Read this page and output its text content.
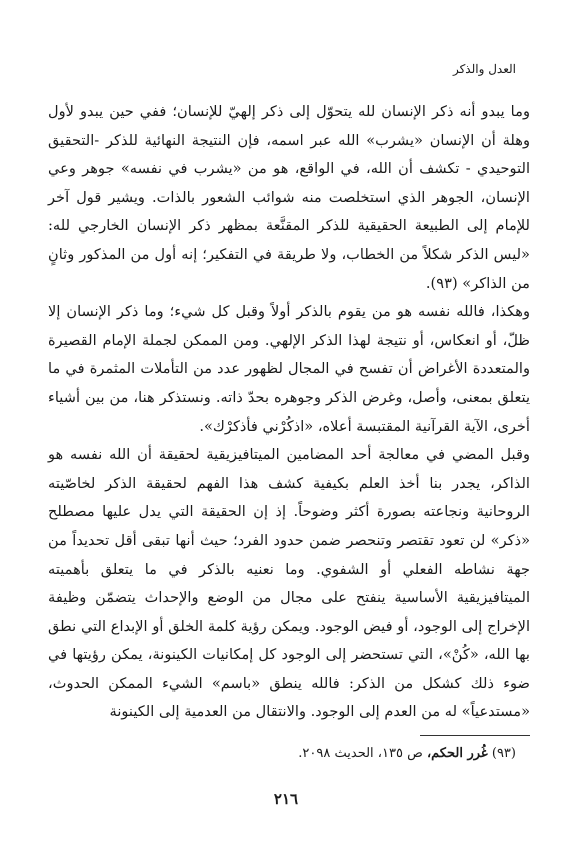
العدل والذكر

وما يبدو أنه ذكر الإنسان لله يتحوّل إلى ذكر إلهيّ للإنسان؛ ففي حين يبدو لأول وهلة أن الإنسان «يشرب» الله عبر اسمه، فإن النتيجة النهائية للذكر -التحقيق التوحيدي - تكشف أن الله، في الواقع، هو من «يشرب في نفسه» جوهر وعي الإنسان، الجوهر الذي استخلصت منه شوائب الشعور بالذات. ويشير قول آخر للإمام إلى الطبيعة الحقيقية للذكر المقنَّعة بمظهر ذكر الإنسان الخارجي لله: «ليس الذكر شكلاً من الخطاب، ولا طريقة في التفكير؛ إنه أول من المذكور وثانٍ من الذاكر» (٩٣).

وهكذا، فالله نفسه هو من يقوم بالذكر أولاً وقبل كل شيء؛ وما ذكر الإنسان إلا ظلّ، أو انعكاس، أو نتيجة لهذا الذكر الإلهي. ومن الممكن لجملة الإمام القصيرة والمتعددة الأغراض أن تفسح في المجال لظهور عدد من التأملات المثمرة في ما يتعلق بمعنى، وأصل، وغرض الذكر وجوهره بحدّ ذاته. ونستذكر هنا، من بين أشياء أخرى، الآية القرآنية المقتبسة أعلاه، «اذكُرْني فأذكرْك».

وقبل المضي في معالجة أحد المضامين الميتافيزيقية لحقيقة أن الله نفسه هو الذاكر، يجدر بنا أخذ العلم بكيفية كشف هذا الفهم لحقيقة الذكر لخاصّيته الروحانية ونجاعته بصورة أكثر وضوحاً. إذ إن الحقيقة التي يدل عليها مصطلح «ذكر» لن تعود تقتصر وتنحصر ضمن حدود الفرد؛ حيث أنها تبقى أقل تحديداً من جهة نشاطه الفعلي أو الشفوي. وما نعنيه بالذكر في ما يتعلق بأهميته الميتافيزيقية الأساسية ينفتح على مجال من الوضع والإحداث يتضمّن وظيفة الإخراج إلى الوجود، أو فيض الوجود. ويمكن رؤية كلمة الخلق أو الإبداع التي نطق بها الله، «كُنْ»، التي تستحضر إلى الوجود كل إمكانيات الكينونة، يمكن رؤيتها في ضوء ذلك كشكل من الذكر: فالله ينطق «باسم» الشيء الممكن الحدوث، «مستدعياً» له من العدم إلى الوجود. والانتقال من العدمية إلى الكينونة

(٩٣) غُرر الحكم، ص ١٣٥، الحديث ٢٠٩٨.
٢١٦
